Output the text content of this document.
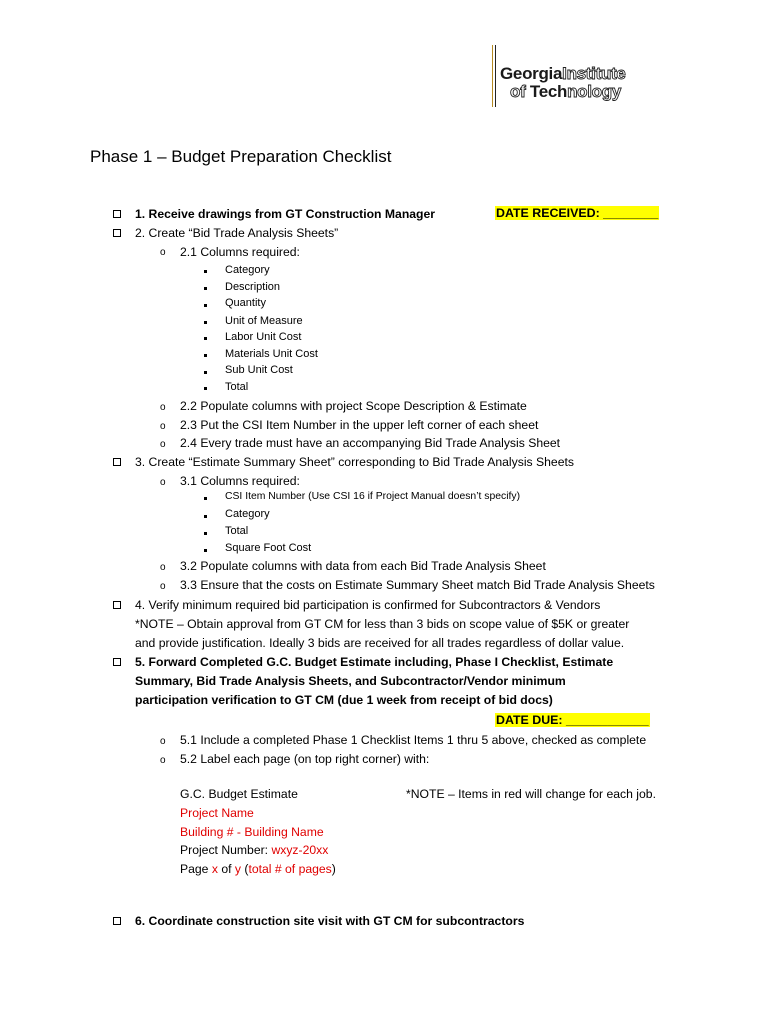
GeorgiaInstitute
of Technology
Phase 1 – Budget Preparation Checklist
1. Receive drawings from GT Construction Manager	DATE RECEIVED: ________
2. Create “Bid Trade Analysis Sheets”
o 2.1 Columns required:
Category
Description
Quantity
Unit of Measure
Labor Unit Cost
Materials Unit Cost
Sub Unit Cost
Total
o 2.2 Populate columns with project Scope Description & Estimate
o 2.3 Put the CSI Item Number in the upper left corner of each sheet
o 2.4 Every trade must have an accompanying Bid Trade Analysis Sheet
3. Create “Estimate Summary Sheet” corresponding to Bid Trade Analysis Sheets
o 3.1 Columns required:
CSI Item Number (Use CSI 16 if Project Manual doesn’t specify)
Category
Total
Square Foot Cost
o 3.2 Populate columns with data from each Bid Trade Analysis Sheet
o 3.3 Ensure that the costs on Estimate Summary Sheet match Bid Trade Analysis Sheets
4. Verify minimum required bid participation is confirmed for Subcontractors & Vendors
*NOTE – Obtain approval from GT CM for less than 3 bids on scope value of $5K or greater
and provide justification. Ideally 3 bids are received for all trades regardless of dollar value.
5. Forward Completed G.C. Budget Estimate including, Phase I Checklist, Estimate
Summary, Bid Trade Analysis Sheets, and Subcontractor/Vendor minimum
participation verification to GT CM (due 1 week from receipt of bid docs)
DATE DUE: ____________
o 5.1 Include a completed Phase 1 Checklist Items 1 thru 5 above, checked as complete
o 5.2 Label each page (on top right corner) with:
G.C. Budget Estimate	*NOTE – Items in red will change for each job.
Project Name
Building # - Building Name
Project Number: wxyz-20xx
Page x of y (total # of pages)
6. Coordinate construction site visit with GT CM for subcontractors
